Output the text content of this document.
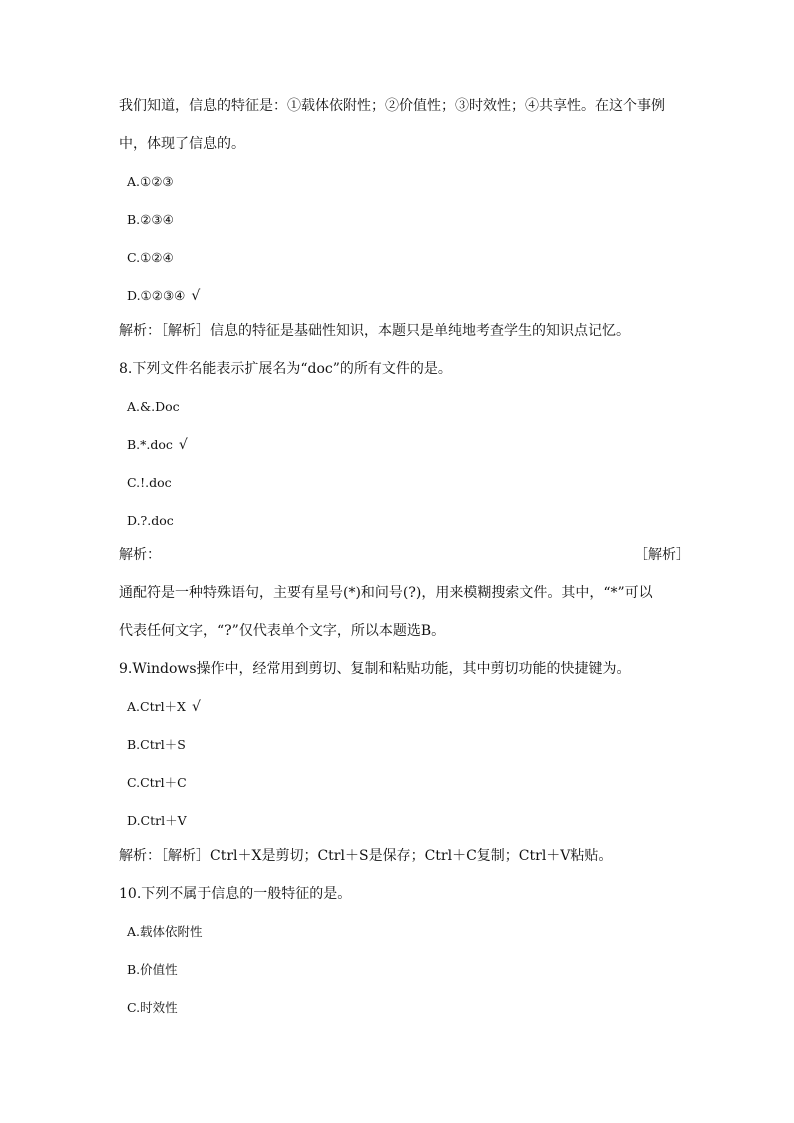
我们知道，信息的特征是：①载体依附性；②价值性；③时效性；④共享性。在这个事例
中，体现了信息的。
A.①②③
B.②③④
C.①②④
D.①②③④ √
解析：［解析］信息的特征是基础性知识，本题只是单纯地考查学生的知识点记忆。
8.下列文件名能表示扩展名为“doc”的所有文件的是。
A.&.Doc
B.*.doc √
C.!.doc
D.?.doc
解析：	［解析］
通配符是一种特殊语句，主要有星号(*)和问号(?)，用来模糊搜索文件。其中，“*”可以
代表任何文字，“?”仅代表单个文字，所以本题选B。
9.Windows操作中，经常用到剪切、复制和粘贴功能，其中剪切功能的快捷键为。
A.Ctrl＋X √
B.Ctrl＋S
C.Ctrl＋C
D.Ctrl＋V
解析：［解析］Ctrl＋X是剪切；Ctrl＋S是保存；Ctrl＋C复制；Ctrl＋V粘贴。
10.下列不属于信息的一般特征的是。
A.载体依附性
B.价值性
C.时效性
